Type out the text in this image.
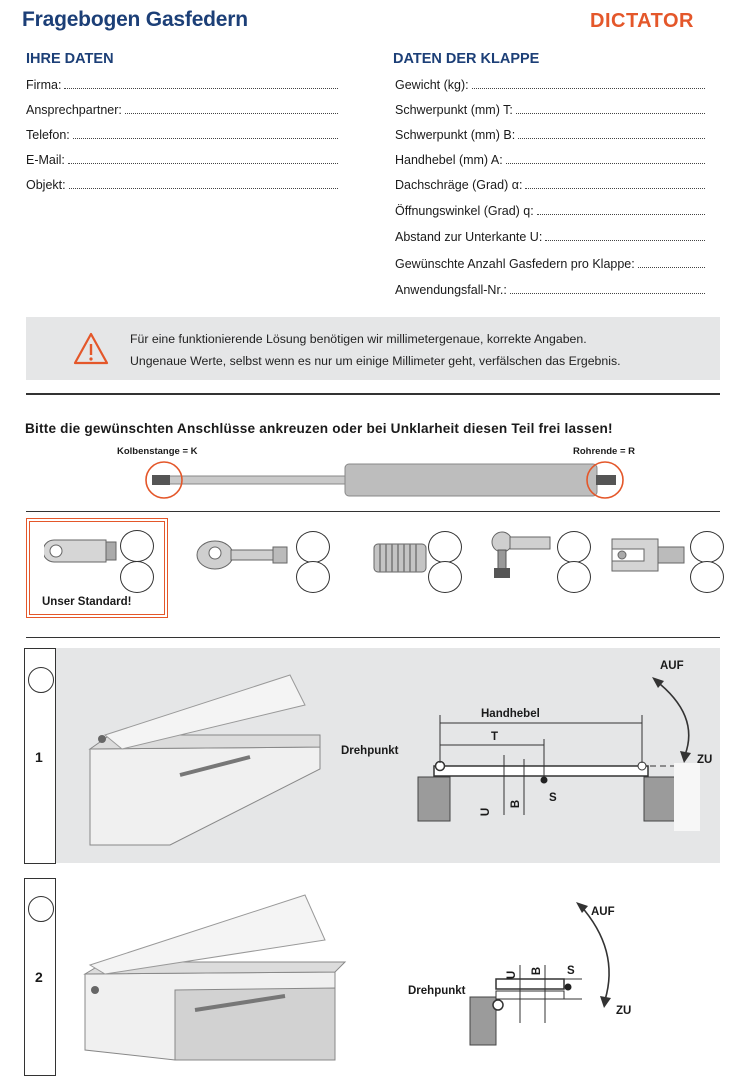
Fragebogen Gasfedern	DICTATOR
IHRE DATEN
Firma:
Ansprechpartner:
Telefon:
E-Mail:
Objekt:
DATEN DER KLAPPE
Gewicht (kg):
Schwerpunkt (mm) T:
Schwerpunkt (mm) B:
Handhebel (mm) A:
Dachschräge (Grad) α:
Öffnungswinkel (Grad) q:
Abstand zur Unterkante U:
Gewünschte Anzahl Gasfedern pro Klappe:
Anwendungsfall-Nr.:
Für eine funktionierende Lösung benötigen wir millimetergenaue, korrekte Angaben.
Ungenaue Werte, selbst wenn es nur um einige Millimeter geht, verfälschen das Ergebnis.
Bitte die gewünschten Anschlüsse ankreuzen oder bei Unklarheit diesen Teil frei lassen!
Kolbenstange = K	Rohrende = R
Unser Standard!
1
Handhebel
T
Drehpunkt
S
U
B
AUF
ZU
2
AUF
S
U B
Drehpunkt
ZU
